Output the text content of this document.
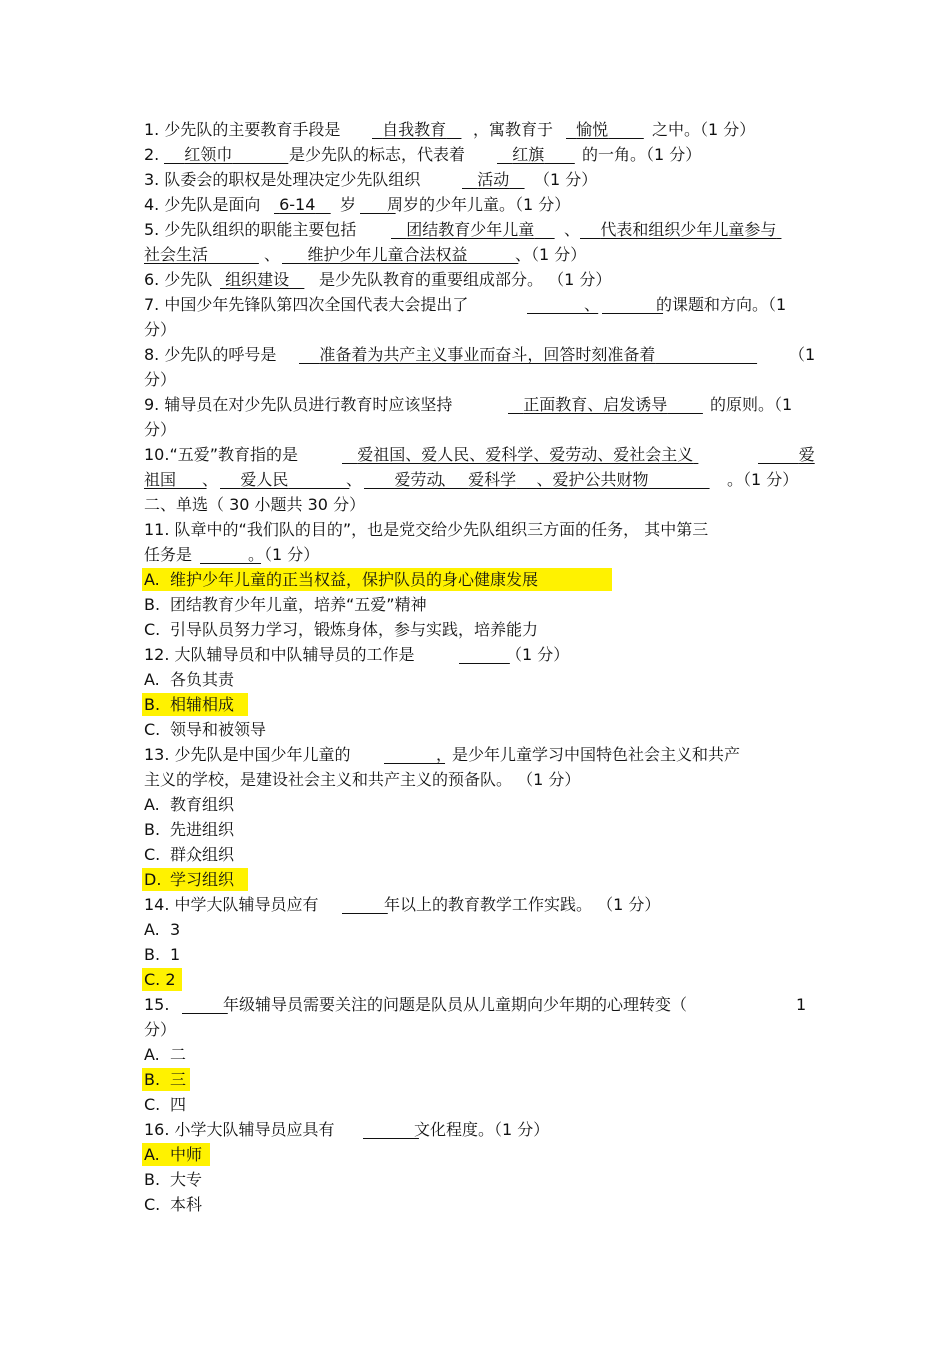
1. 少先队的主要教育手段是	自我教育	，寓教育于	愉悦	之中。（1 分）
2.	红领巾	是少先队的标志，代表着	红旗	的一角。（1 分）
3. 队委会的职权是处理决定少先队组织	活动	（1 分）
4. 少先队是面向	6-14	岁
周岁的少年儿童。（1 分）
5. 少先队组织的职能主要包括	团结教育少年儿童	、	代表和组织少年儿童参与
社会生活	、	维护少年儿童合法权益	、（1 分）
6. 少先队 组织建设	是少先队教育的重要组成部分。 （1 分）
7. 中国少年先锋队第四次全国代表大会提出了
	、
	的课题和方向。（1
分）
8. 少先队的呼号是	准备着为共产主义事业而奋斗，回答时刻准备着	（1
分）
9. 辅导员在对少先队员进行教育时应该坚持	正面教育、启发诱导	的原则。（1
分）
10.“五爱”教育指的是	爱祖国、爱人民、爱科学、爱劳动、爱社会主义	爱
祖国	、	爱人民	、	爱劳动
、 爱科学 、爱护公共财物	。（1 分）
二、单选（ 30 小题共 30 分）
11. 队章中的“我们队的目的”，也是党交给少先队组织三方面的任务， 其中第三
任务是
	。（1 分）
A. 维护少年儿童的正当权益，保护队员的身心健康发展
B. 团结教育少年儿童，培养“五爱”精神
C. 引导队员努力学习，锻炼身体，参与实践，培养能力
12. 大队辅导员和中队辅导员的工作是
	（1 分）
A. 各负其责
B. 相辅相成
C. 领导和被领导
13. 少先队是中国少年儿童的
	，是少年儿童学习中国特色社会主义和共产
主义的学校，是建设社会主义和共产主义的预备队。 （1 分）
A. 教育组织
B. 先进组织
C. 群众组织
D. 学习组织
14. 中学大队辅导员应有
	年以上的教育教学工作实践。 （1 分）
A. 3
B. 1
C. 2
15.
	年级辅导员需要关注的问题是队员从儿童期向少年期的心理转变（	1
分）
A. 二
B. 三
C. 四
16. 小学大队辅导员应具有
	文化程度。（1 分）
A. 中师
B. 大专
C. 本科
